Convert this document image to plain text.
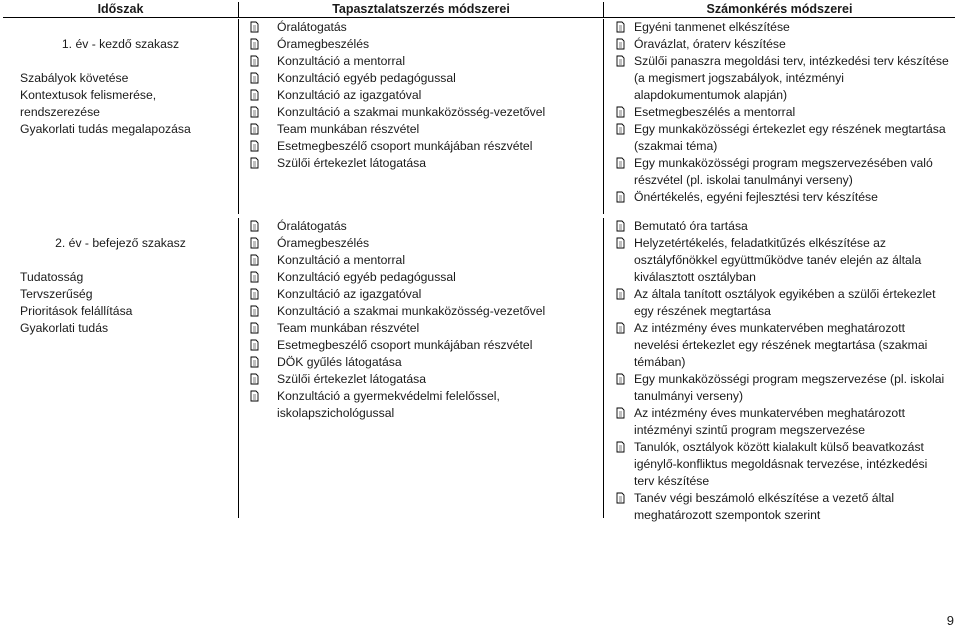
Időszak	Tapasztalatszerzés módszerei	Számonkérés módszerei
1. év - kezdő szakasz
Szabályok követése
Kontextusok felismerése,
rendszerezése
Gyakorlati tudás megalapozása
Óralátogatás
Óramegbeszélés
Konzultáció a mentorral
Konzultáció egyéb pedagógussal
Konzultáció az igazgatóval
Konzultáció a szakmai munkaközösség-vezetővel
Team munkában részvétel
Esetmegbeszélő csoport munkájában részvétel
Szülői értekezlet látogatása
Egyéni tanmenet elkészítése
Óravázlat, óraterv készítése
Szülői panaszra megoldási terv, intézkedési terv készítése
(a megismert jogszabályok, intézményi
alapdokumentumok alapján)
Esetmegbeszélés a mentorral
Egy munkaközösségi értekezlet egy részének megtartása
(szakmai téma)
Egy munkaközösségi program megszervezésében való
részvétel (pl. iskolai tanulmányi verseny)
Önértékelés, egyéni fejlesztési terv készítése
2. év - befejező szakasz
Tudatosság
Tervszerűség
Prioritások felállítása
Gyakorlati tudás
Óralátogatás
Óramegbeszélés
Konzultáció a mentorral
Konzultáció egyéb pedagógussal
Konzultáció az igazgatóval
Konzultáció a szakmai munkaközösség-vezetővel
Team munkában részvétel
Esetmegbeszélő csoport munkájában részvétel
DÖK gyűlés látogatása
Szülői értekezlet látogatása
Konzultáció a gyermekvédelmi felelőssel,
iskolapszichológussal
Bemutató óra tartása
Helyzetértékelés, feladatkitűzés elkészítése az
osztályfőnökkel együttműködve tanév elején az általa
kiválasztott osztályban
Az általa tanított osztályok egyikében a szülői értekezlet
egy részének megtartása
Az intézmény éves munkatervében meghatározott
nevelési értekezlet egy részének megtartása (szakmai
témában)
Egy munkaközösségi program megszervezése (pl. iskolai
tanulmányi verseny)
Az intézmény éves munkatervében meghatározott
intézményi szintű program megszervezése
Tanulók, osztályok között kialakult külső beavatkozást
igénylő-konfliktus megoldásnak tervezése, intézkedési
terv készítése
Tanév végi beszámoló elkészítése a vezető által
meghatározott szempontok szerint
9
